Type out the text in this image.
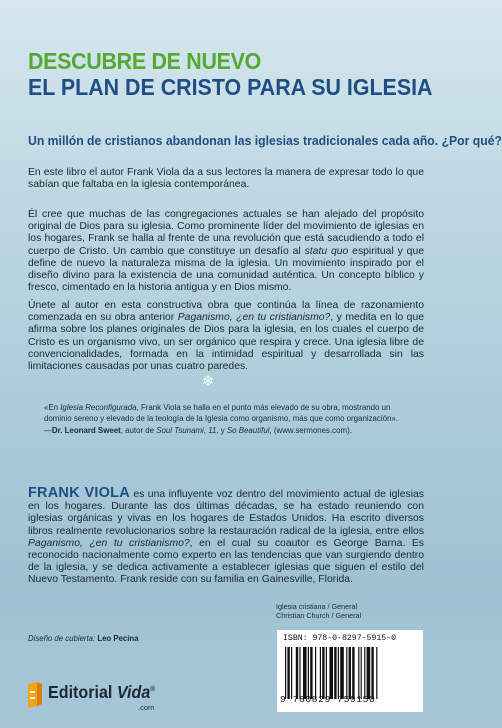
DESCUBRE DE NUEVO
EL PLAN DE CRISTO PARA SU IGLESIA
Un millón de cristianos abandonan las iglesias tradicionales cada año. ¿Por qué?
En este libro el autor Frank Viola da a sus lectores la manera de expresar todo lo que sabían que faltaba en la iglesia contemporánea.
Él cree que muchas de las congregaciones actuales se han alejado del propósito original de Dios para su iglesia. Como prominente líder del movimiento de iglesias en los hogares, Frank se halla al frente de una revolución que está sacudiendo a todo el cuerpo de Cristo. Un cambio que constituye un desafío al statu quo espiritual y que define de nuevo la naturaleza misma de la iglesia. Un movimiento inspirado por el diseño divino para la existencia de una comunidad auténtica. Un concepto bíblico y fresco, cimentado en la historia antigua y en Dios mismo.
Únete al autor en esta constructiva obra que continúa la línea de razonamiento comenzada en su obra anterior Paganismo, ¿en tu cristianismo?, y medita en lo que afirma sobre los planes originales de Dios para la iglesia, en los cuales el cuerpo de Cristo es un organismo vivo, un ser orgánico que respira y crece. Una iglesia libre de convencionalidades, formada en la intimidad espiritual y desarrollada sin las limitaciones causadas por unas cuatro paredes.
❄
«En Iglesia Reconfigurada, Frank Viola se halla en el punto más elevado de su obra, mostrando un dominio sereno y elevado de la teología de la Iglesia como organismo, más que como organización».
—Dr. Leonard Sweet, autor de Soul Tsunami, 11, y So Beautiful, (www.sermones.com).
FRANK VIOLA es una influyente voz dentro del movimiento actual de iglesias en los hogares. Durante las dos últimas décadas, se ha estado reuniendo con iglesias orgánicas y vivas en los hogares de Estados Unidos. Ha escrito diversos libros realmente revolucionarios sobre la restauración radical de la iglesia, entre ellos Paganismo, ¿en tu cristianismo?, en el cual su coautor es George Barna. Es reconocido nacionalmente como experto en las tendencias que van surgiendo dentro de la iglesia, y se dedica activamente a establecer iglesias que siguen el estilo del Nuevo Testamento. Frank reside con su familia en Gainesville, Florida.
Iglesia cristiana / General
Christian Church / General
Diseño de cubierta: Leo Pecina
Editorial Vida®
.com
ISBN: 978-0-8297-5915-0
9 780829 759150
